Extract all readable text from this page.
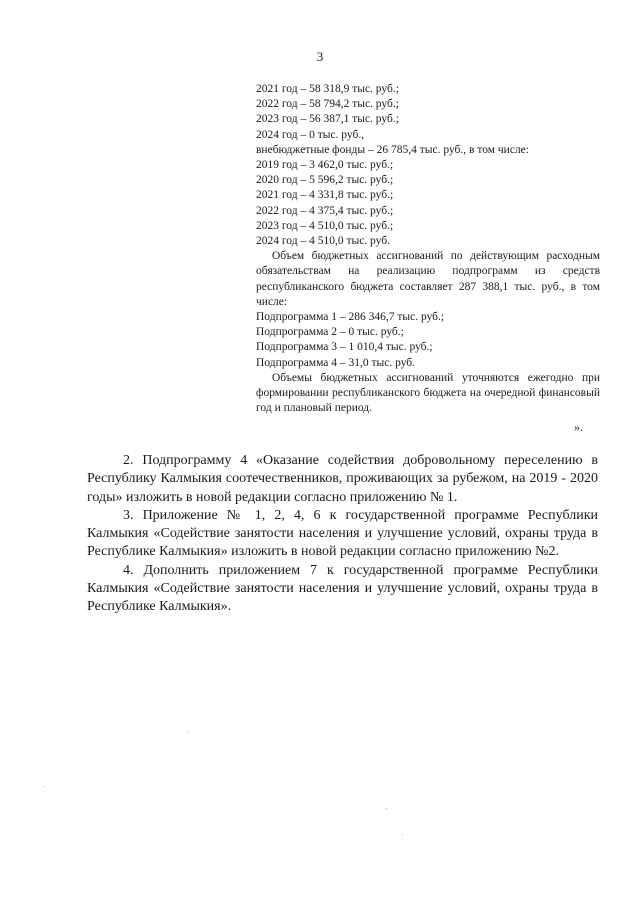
3
2021 год – 58 318,9 тыс. руб.;
2022 год – 58 794,2 тыс. руб.;
2023 год – 56 387,1 тыс. руб.;
2024 год – 0 тыс. руб.,
внебюджетные фонды – 26 785,4 тыс. руб., в том числе:
2019 год – 3 462,0 тыс. руб.;
2020 год – 5 596,2 тыс. руб.;
2021 год – 4 331,8 тыс. руб.;
2022 год – 4 375,4 тыс. руб.;
2023 год – 4 510,0 тыс. руб.;
2024 год – 4 510,0 тыс. руб.

Объем бюджетных ассигнований по действующим расходным обязательствам на реализацию подпрограмм из средств республиканского бюджета составляет 287 388,1 тыс. руб., в том числе:

Подпрограмма 1 – 286 346,7 тыс. руб.;
Подпрограмма 2 – 0 тыс. руб.;
Подпрограмма 3 – 1 010,4 тыс. руб.;
Подпрограмма 4 – 31,0 тыс. руб.

Объемы бюджетных ассигнований уточняются ежегодно при формировании республиканского бюджета на очередной финансовый год и плановый период.

».

2. Подпрограмму 4 «Оказание содействия добровольному переселению в Республику Калмыкия соотечественников, проживающих за рубежом, на 2019 - 2020 годы» изложить в новой редакции согласно приложению № 1.

3. Приложение № 1, 2, 4, 6 к государственной программе Республики Калмыкия «Содействие занятости населения и улучшение условий, охраны труда в Республике Калмыкия» изложить в новой редакции согласно приложению №2.

4. Дополнить приложением 7 к государственной программе Республики Калмыкия «Содействие занятости населения и улучшение условий, охраны труда в Республике Калмыкия».
